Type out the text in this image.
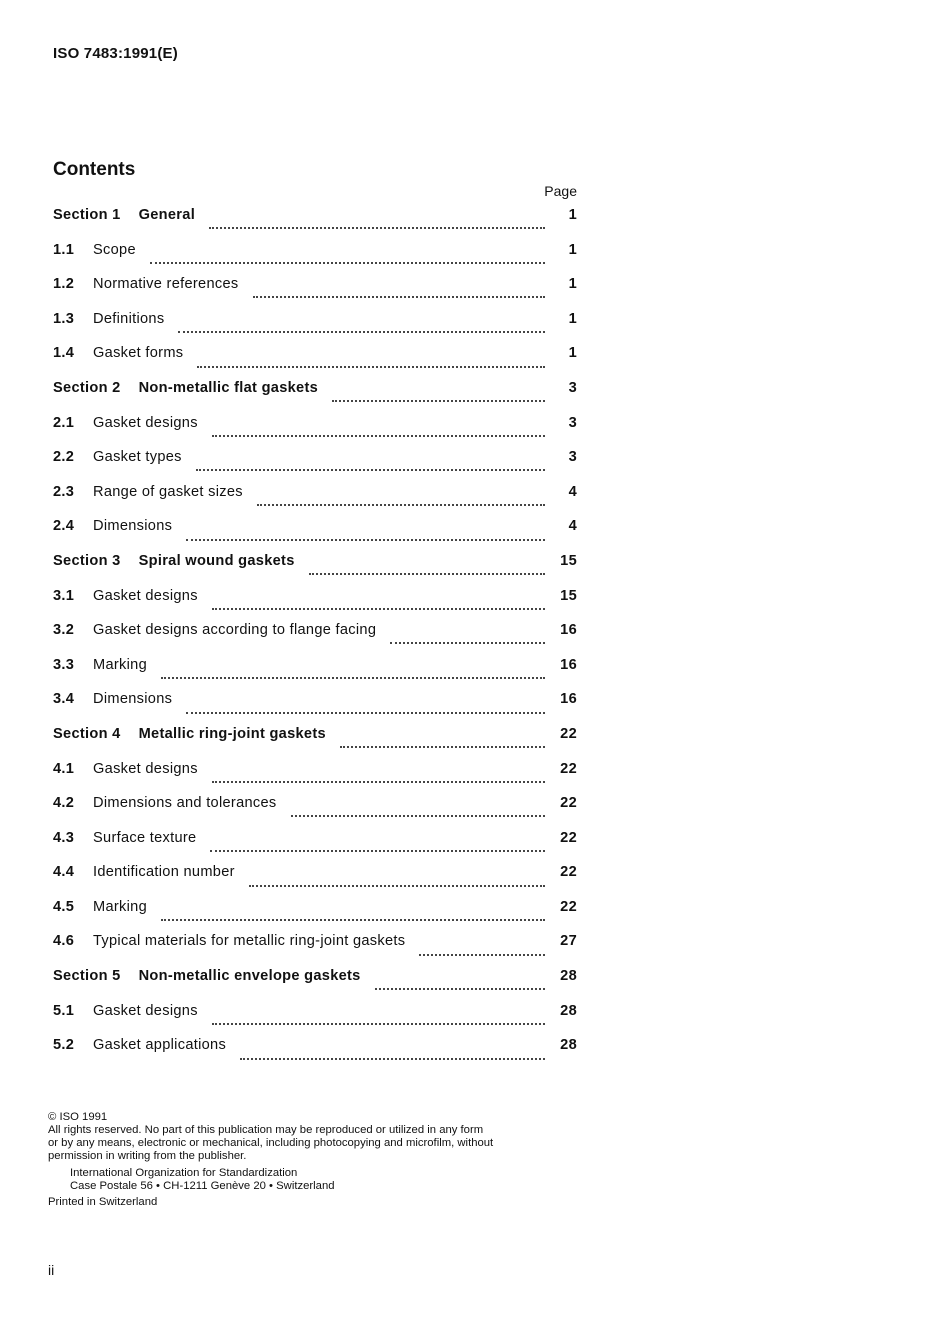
ISO 7483:1991(E)
Contents
Page
Section 1 General	1
1.1	Scope	1
1.2	Normative references	1
1.3	Definitions	1
1.4	Gasket forms	1
Section 2 Non-metallic flat gaskets	3
2.1	Gasket designs	3
2.2	Gasket types	3
2.3	Range of gasket sizes	4
2.4	Dimensions	4
Section 3 Spiral wound gaskets	15
3.1	Gasket designs	15
3.2	Gasket designs according to flange facing	16
3.3	Marking	16
3.4	Dimensions	16
Section 4 Metallic ring-joint gaskets	22
4.1	Gasket designs	22
4.2	Dimensions and tolerances	22
4.3	Surface texture	22
4.4	Identification number	22
4.5	Marking	22
4.6	Typical materials for metallic ring-joint gaskets	27
Section 5 Non-metallic envelope gaskets	28
5.1	Gasket designs	28
5.2	Gasket applications	28
© ISO 1991
All rights reserved. No part of this publication may be reproduced or utilized in any form
or by any means, electronic or mechanical, including photocopying and microfilm, without
permission in writing from the publisher.
International Organization for Standardization
Case Postale 56 • CH-1211 Genève 20 • Switzerland
Printed in Switzerland
ii
